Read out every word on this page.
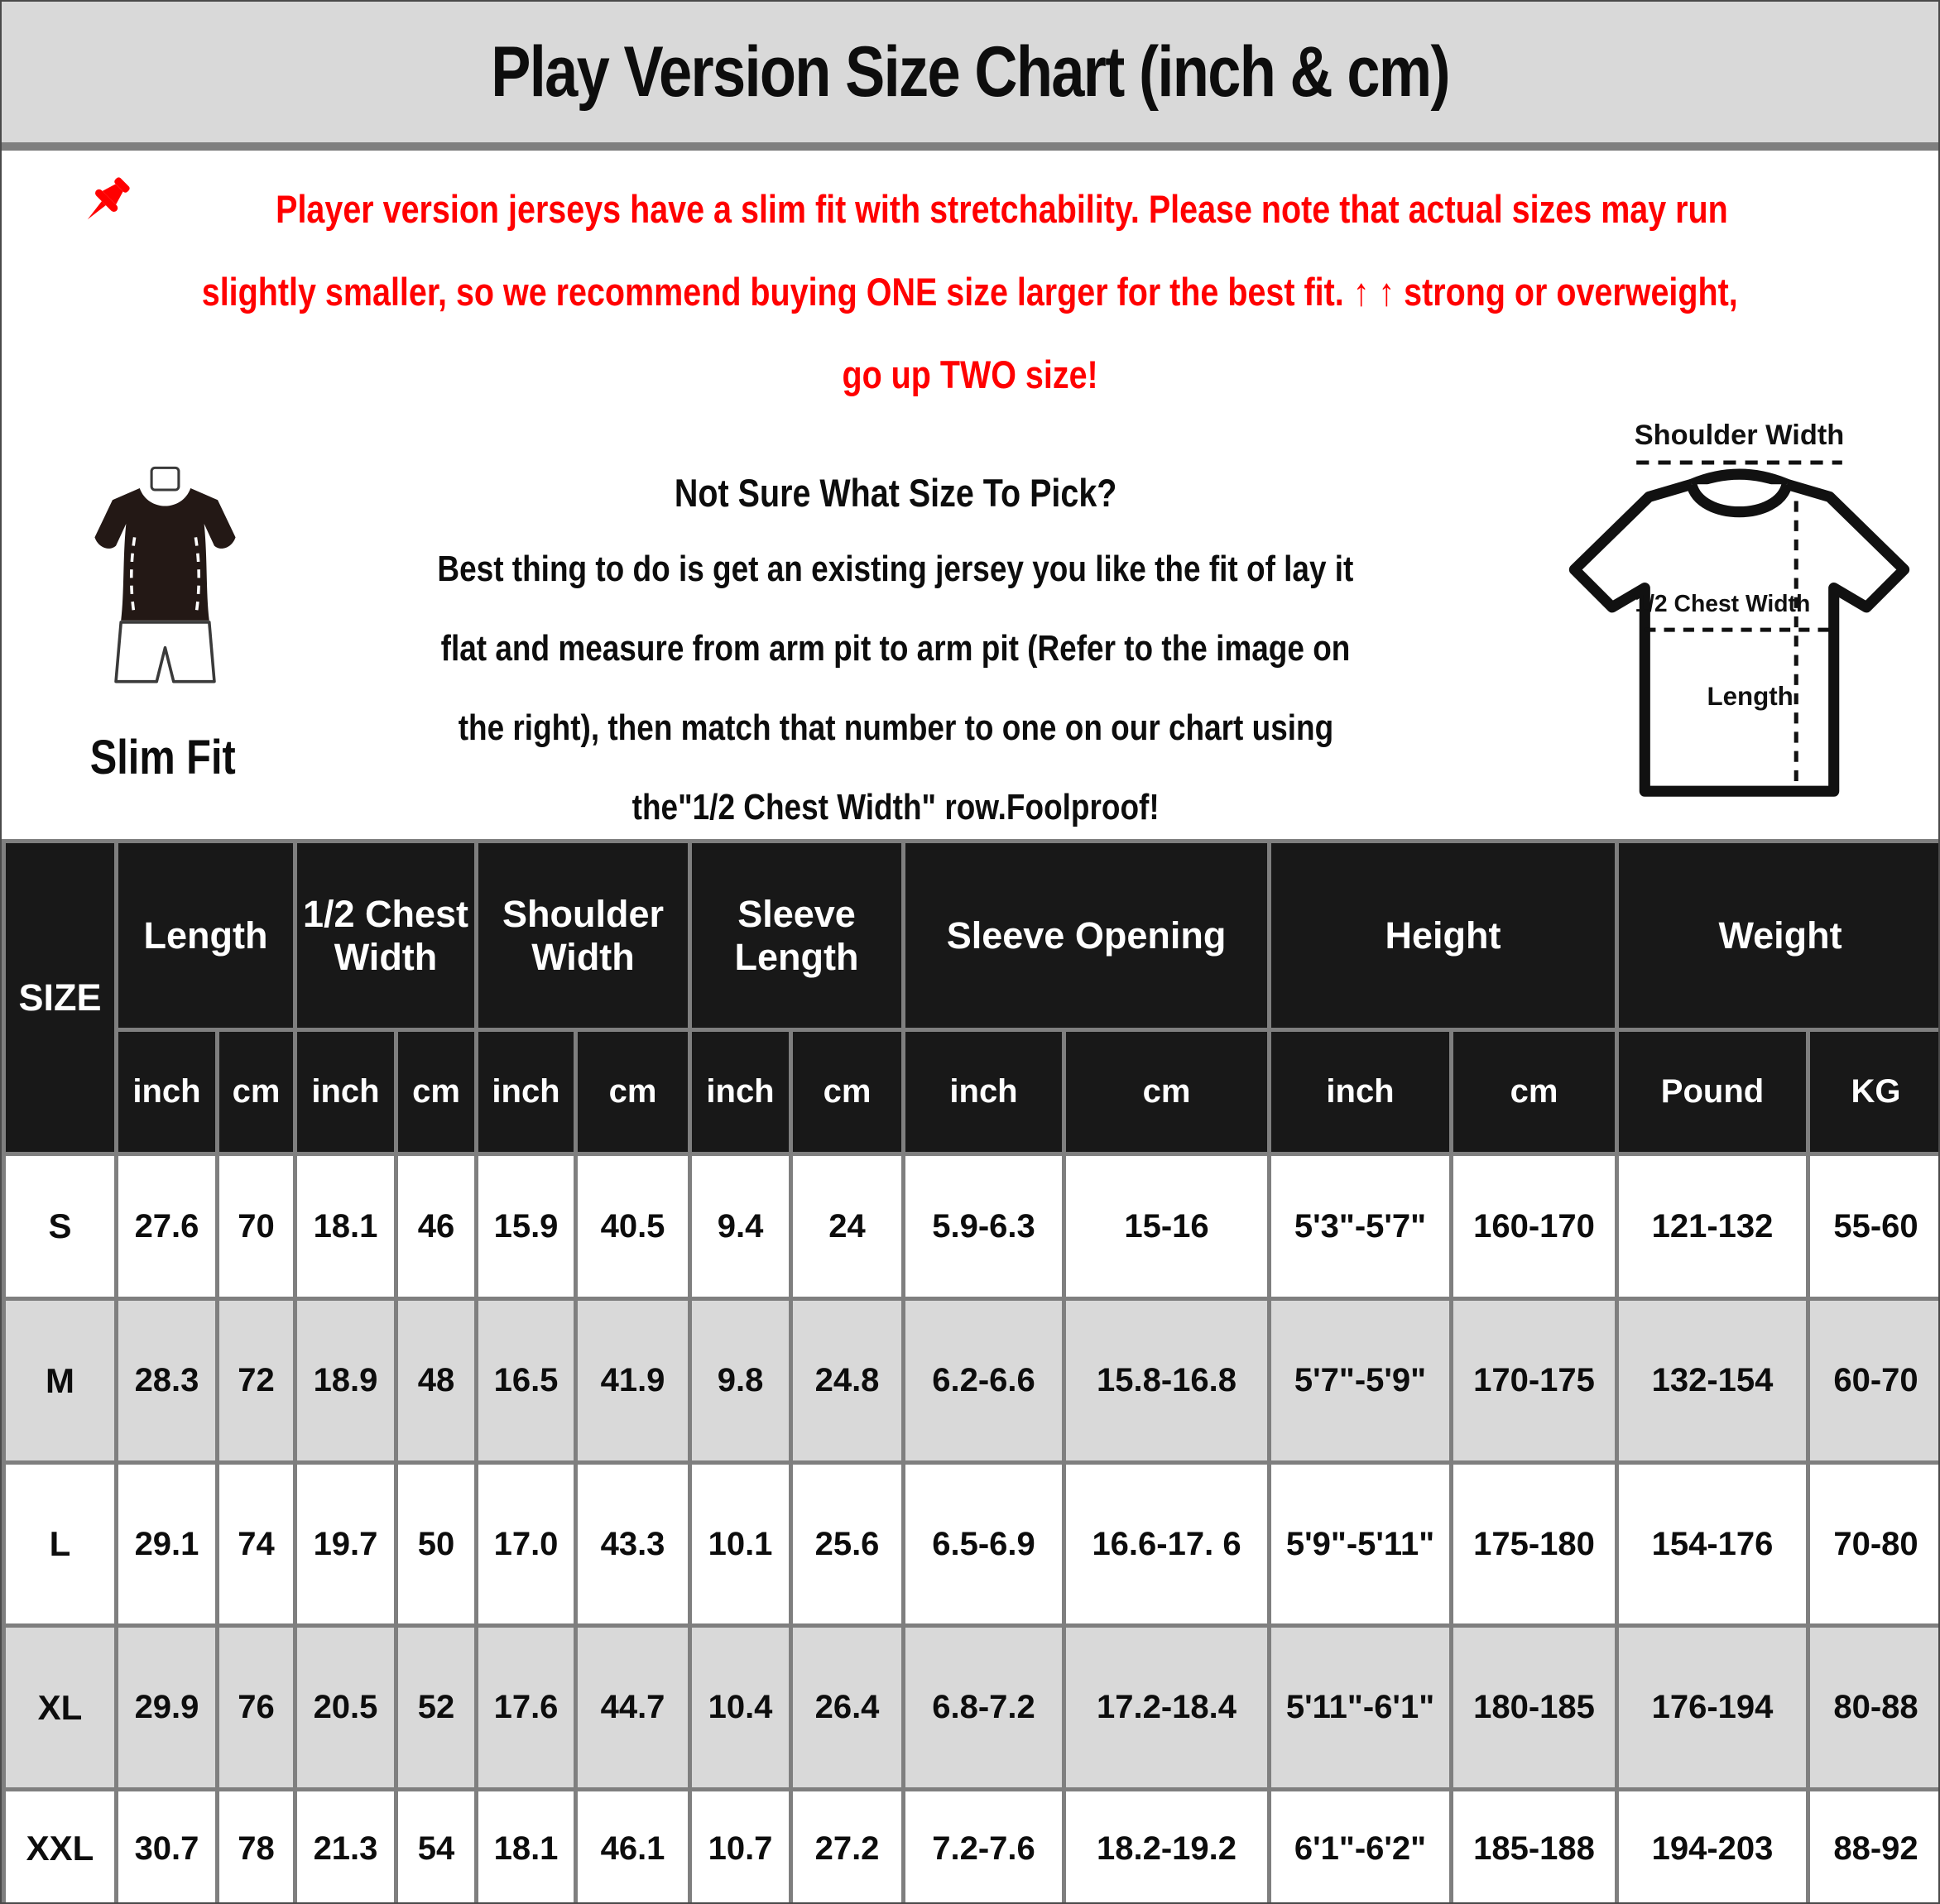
Play Version Size Chart (inch & cm)
Player version jerseys have a slim fit with stretchability. Please note that actual sizes may run
slightly smaller, so we recommend buying ONE size larger for the best fit. ↑ ↑ strong or overweight,
go up TWO size!
Slim Fit
Not Sure What Size To Pick?
Best thing to do is get an existing jersey you like the fit of lay it
flat and measure from arm pit to arm pit (Refer to the image on
the right), then match that number to one on our chart using
the"1/2 Chest Width" row.Foolproof!
Shoulder Width
1/2 Chest Width
Length
SIZE	Length		1/2 Chest Width		Shoulder Width		Sleeve Length		Sleeve Opening		Height		Weight	
	inch	cm	inch	cm	inch	cm	inch	cm	inch	cm	inch	cm	Pound	KG
S	27.6	70	18.1	46	15.9	40.5	9.4	24	5.9-6.3	15-16	5'3"-5'7"	160-170	121-132	55-60
M	28.3	72	18.9	48	16.5	41.9	9.8	24.8	6.2-6.6	15.8-16.8	5'7"-5'9"	170-175	132-154	60-70
L	29.1	74	19.7	50	17.0	43.3	10.1	25.6	6.5-6.9	16.6-17. 6	5'9"-5'11"	175-180	154-176	70-80
XL	29.9	76	20.5	52	17.6	44.7	10.4	26.4	6.8-7.2	17.2-18.4	5'11"-6'1"	180-185	176-194	80-88
XXL	30.7	78	21.3	54	18.1	46.1	10.7	27.2	7.2-7.6	18.2-19.2	6'1"-6'2"	185-188	194-203	88-92
